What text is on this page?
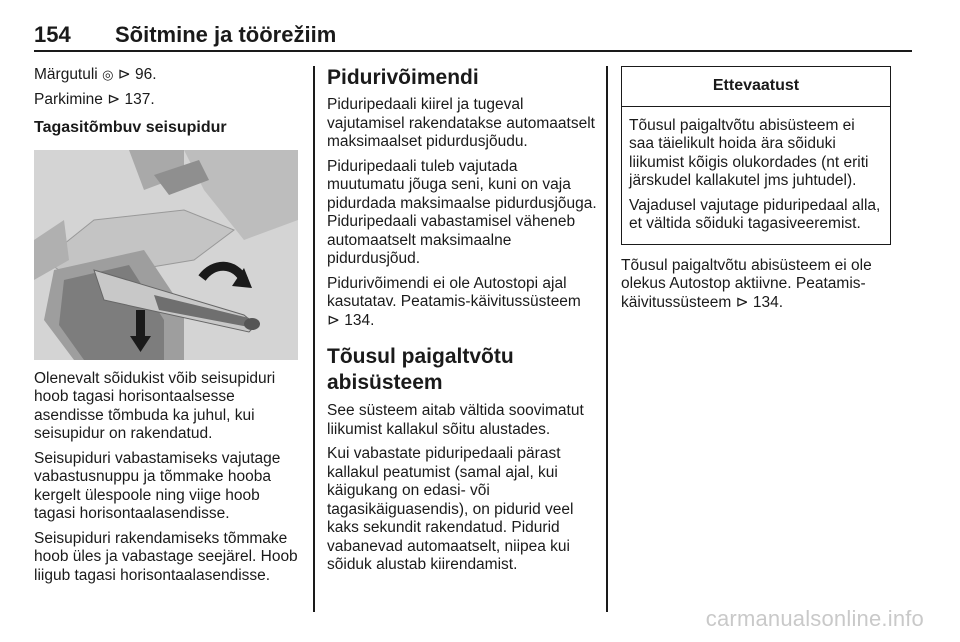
154 Sõitmine ja töörežiim

Märgutuli ◎ ⊳ 96.

Parkimine ⊳ 137.

Tagasitõmbuv seisupidur

Olenevalt sõidukist võib seisupiduri hoob tagasi horisontaalsesse asendisse tõmbuda ka juhul, kui seisupidur on rakendatud.

Seisupiduri vabastamiseks vajutage vabastusnuppu ja tõmmake hooba kergelt ülespoole ning viige hoob tagasi horisontaalasendisse.

Seisupiduri rakendamiseks tõmmake hoob üles ja vabastage seejärel. Hoob liigub tagasi horisontaalasendisse.

Pidurivõimendi

Piduripedaali kiirel ja tugeval vajutamisel rakendatakse automaatselt maksimaalset pidurdusjõudu.

Piduripedaali tuleb vajutada muutumatu jõuga seni, kuni on vaja pidurdada maksimaalse pidurdusjõuga. Piduripedaali vabastamisel väheneb automaatselt maksimaalne pidurdusjõud.

Pidurivõimendi ei ole Autostopi ajal kasutatav. Peatamis-käivitussüsteem ⊳ 134.

Tõusul paigaltvõtu abisüsteem

See süsteem aitab vältida soovimatut liikumist kallakul sõitu alustades.

Kui vabastate piduripedaali pärast kallakul peatumist (samal ajal, kui käigukang on edasi- või tagasikäiguasendis), on pidurid veel kaks sekundit rakendatud. Pidurid vabanevad automaatselt, niipea kui sõiduk alustab kiirendamist.

Ettevaatust

Tõusul paigaltvõtu abisüsteem ei saa täielikult hoida ära sõiduki liikumist kõigis olukordades (nt eriti järskudel kallakutel jms juhtudel).

Vajadusel vajutage piduripedaal alla, et vältida sõiduki tagasiveeremist.

Tõusul paigaltvõtu abisüsteem ei ole olekus Autostop aktiivne. Peatamis-käivitussüsteem ⊳ 134.

carmanualsonline.info
